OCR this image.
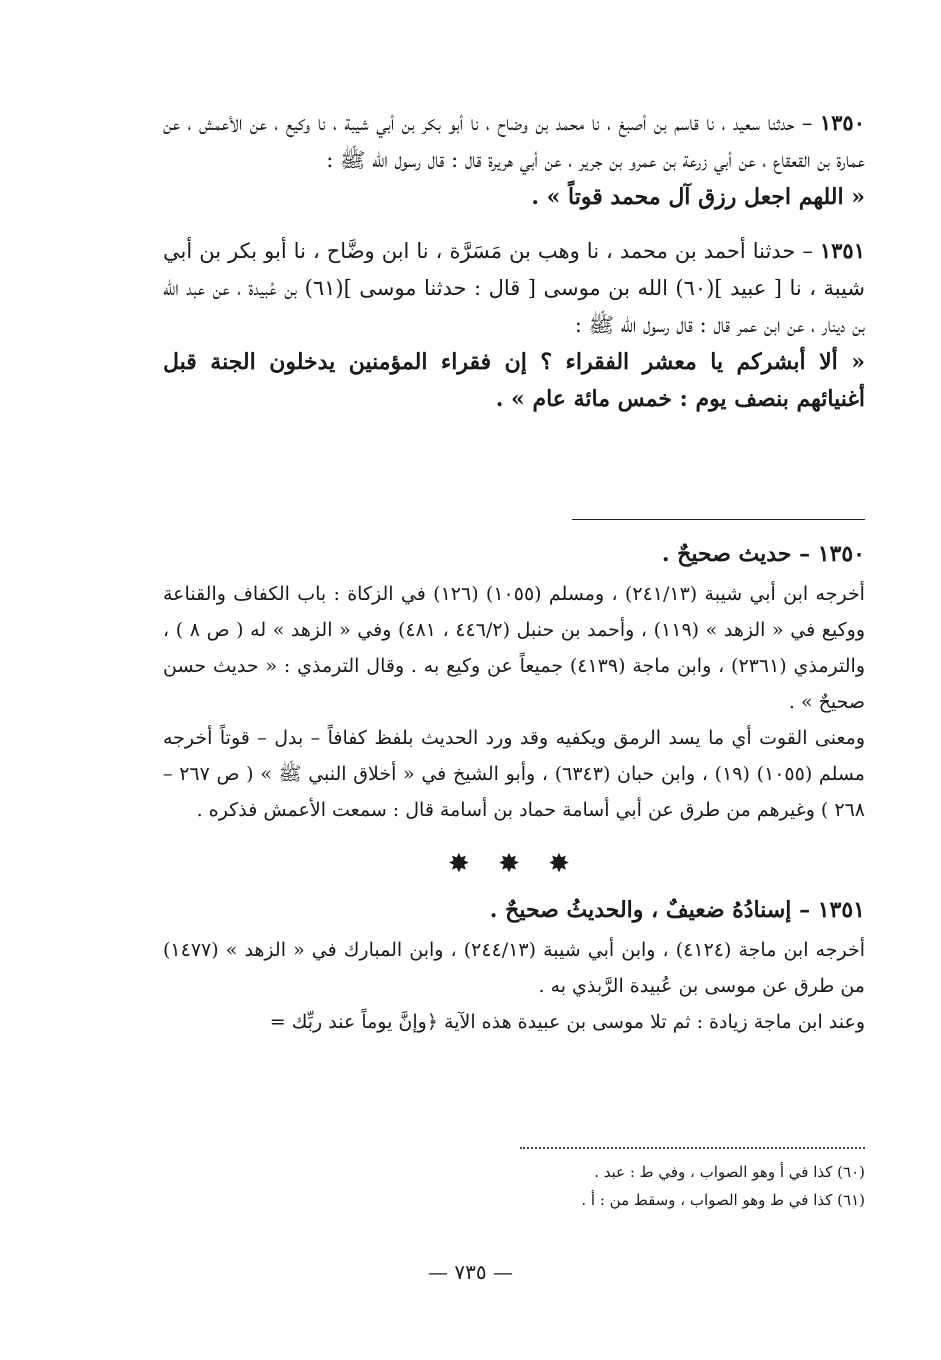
١٣٥٠ – حدثنا سعيد ، نا قاسم بن أصبغ ، نا محمد بن وضاح ، نا أبو بكر بن أبي شيبة ، نا وكيع ، عن الأعمش ، عن عمارة بن القعقاع ، عن أبي زرعة بن عمرو بن جرير ، عن أبي هريرة قال : قال رسول الله ﷺ :

« اللهم اجعل رزق آل محمد قوتاً » .

١٣٥١ – حدثنا أحمد بن محمد ، نا وهب بن مَسَرَّة ، نا ابن وضَّاح ، نا أبو بكر بن أبي شيبة ، نا [ عبيد ](٦٠) الله بن موسى [ قال : حدثنا موسى ](٦١) بن عُبيدة ، عن عبد الله بن دينار ، عن ابن عمر قال : قال رسول الله ﷺ :

« ألا أبشركم يا معشر الفقراء ؟ إن فقراء المؤمنين يدخلون الجنة قبل أغنيائهم بنصف يوم : خمس مائة عام » .

١٣٥٠ – حديث صحيحٌ .

أخرجه ابن أبي شيبة (٢٤١/١٣) ، ومسلم (١٠٥٥) (١٢٦) في الزكاة : باب الكفاف والقناعة ووكيع في « الزهد » (١١٩) ، وأحمد بن حنبل (٤٤٦/٢ ، ٤٨١) وفي « الزهد » له ( ص ٨ ) ، والترمذي (٢٣٦١) ، وابن ماجة (٤١٣٩) جميعاً عن وكيع به . وقال الترمذي : « حديث حسن صحيحٌ » .

ومعنى القوت أي ما يسد الرمق ويكفيه وقد ورد الحديث بلفظ كفافاً – بدل – قوتاً أخرجه مسلم (١٠٥٥) (١٩) ، وابن حبان (٦٣٤٣) ، وأبو الشيخ في « أخلاق النبي ﷺ » ( ص ٢٦٧ – ٢٦٨ ) وغيرهم من طرق عن أبي أسامة حماد بن أسامة قال : سمعت الأعمش فذكره .

✸ ✸ ✸

١٣٥١ – إسنادُهُ ضعيفٌ ، والحديثُ صحيحٌ .

أخرجه ابن ماجة (٤١٢٤) ، وابن أبي شيبة (٢٤٤/١٣) ، وابن المبارك في « الزهد » (١٤٧٧) من طرق عن موسى بن عُبيدة الرَّبذي به .

وعند ابن ماجة زيادة : ثم تلا موسى بن عبيدة هذه الآية ﴿وإنَّ يوماً عند ربِّك =

(٦٠) كذا في أ وهو الصواب ، وفي ط : عبد .

(٦١) كذا في ط وهو الصواب ، وسقط من : أ .

— ٧٣٥ —
